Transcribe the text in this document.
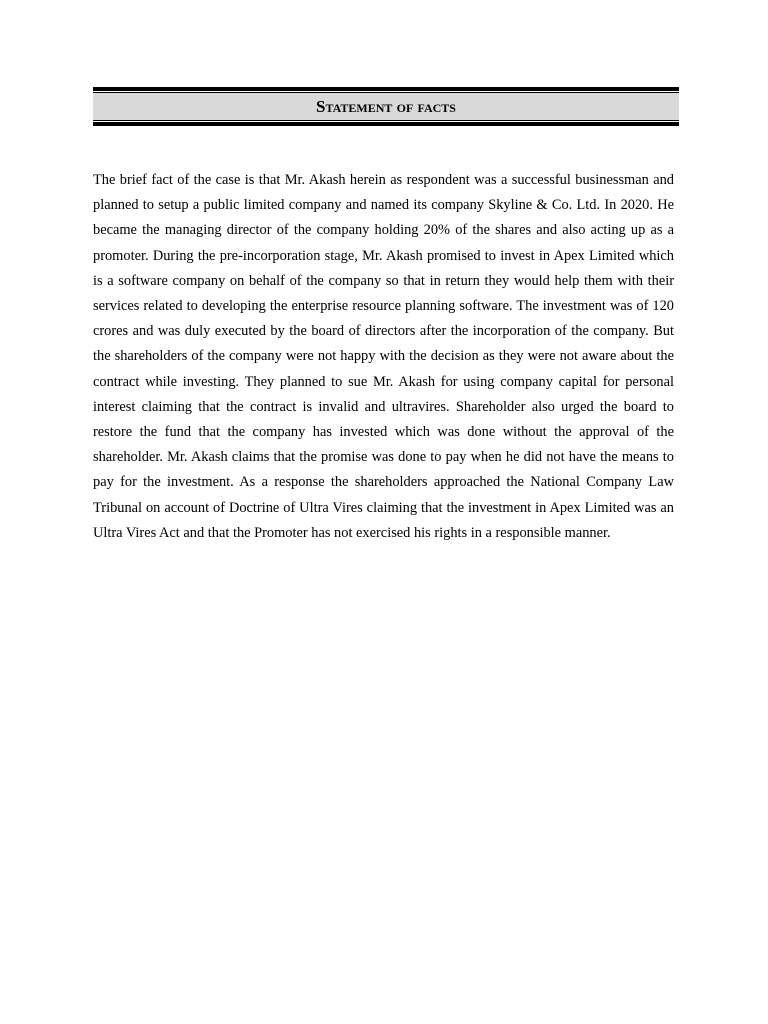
Statement of facts

The brief fact of the case is that Mr. Akash herein as respondent was a successful businessman and planned to setup a public limited company and named its company Skyline & Co. Ltd. In 2020. He became the managing director of the company holding 20% of the shares and also acting up as a promoter. During the pre-incorporation stage, Mr. Akash promised to invest in Apex Limited which is a software company on behalf of the company so that in return they would help them with their services related to developing the enterprise resource planning software. The investment was of 120 crores and was duly executed by the board of directors after the incorporation of the company. But the shareholders of the company were not happy with the decision as they were not aware about the contract while investing. They planned to sue Mr. Akash for using company capital for personal interest claiming that the contract is invalid and ultravires. Shareholder also urged the board to restore the fund that the company has invested which was done without the approval of the shareholder. Mr. Akash claims that the promise was done to pay when he did not have the means to pay for the investment. As a response the shareholders approached the National Company Law Tribunal on account of Doctrine of Ultra Vires claiming that the investment in Apex Limited was an Ultra Vires Act and that the Promoter has not exercised his rights in a responsible manner.
